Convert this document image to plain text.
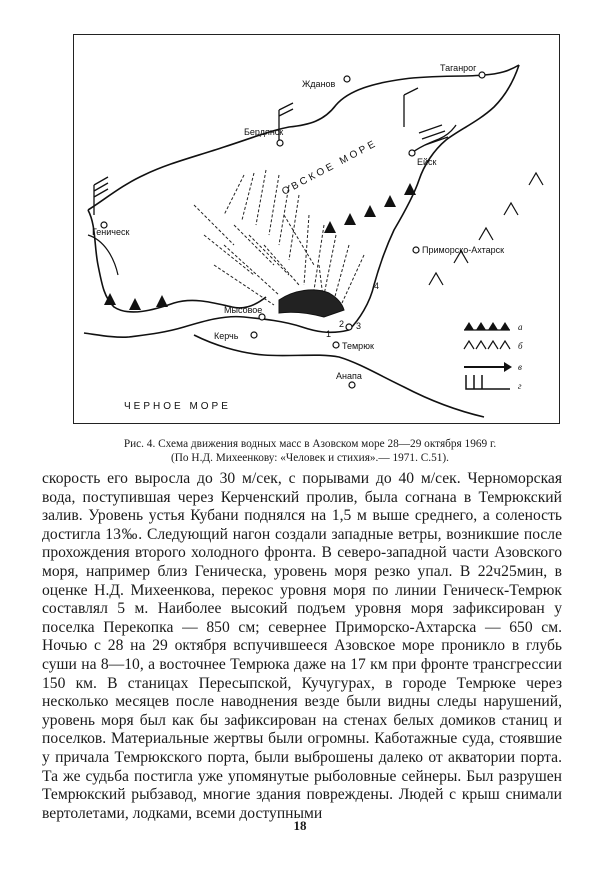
Жданов
Таганрог
Бердянск
Ейск
Геническ
Приморско-Ахтарск
Мысовое
Керчь
Темрюк
Анапа
ОВСКОЕ МОРЕ
ЧЕРНОЕ МОРЕ
1
2 3
4
а
б
в
г
Рис. 4. Схема движения водных масс в Азовском море 28—29 октября 1969 г.
(По Н.Д. Михеенкову: «Человек и стихия».— 1971. С.51).

скорость его выросла до 30 м/сек, с порывами до 40 м/сек. Черноморская вода, поступившая через Керченский пролив, была согнана в Темрюкский залив. Уровень устья Кубани поднялся на 1,5 м выше среднего, а соленость достигла 13‰. Следующий нагон создали западные ветры, возникшие после прохождения второго холодного фронта. В северо-западной части Азовского моря, например близ Геническа, уровень моря резко упал. В 22ч25мин, в оценке Н.Д. Михеенкова, перекос уровня моря по линии Геническ-Темрюк составлял 5 м. Наиболее высокий подъем уровня моря зафиксирован у поселка Перекопка — 850 см; севернее Приморско-Ахтарска — 650 см. Ночью с 28 на 29 октября вспучившееся Азовское море проникло в глубь суши на 8—10, а восточнее Темрюка даже на 17 км при фронте трансгрессии 150 км. В станицах Пересыпской, Кучугурах, в городе Темрюке через несколько месяцев после наводнения везде были видны следы нарушений, уровень моря был как бы зафиксирован на стенах белых домиков станиц и поселков. Материальные жертвы были огромны. Каботажные суда, стоявшие у причала Темрюкского порта, были выброшены далеко от акватории порта. Та же судьба постигла уже упомянутые рыболовные сейнеры. Был разрушен Темрюкский рыбзавод, многие здания повреждены. Людей с крыш снимали вертолетами, лодками, всеми доступными

18
